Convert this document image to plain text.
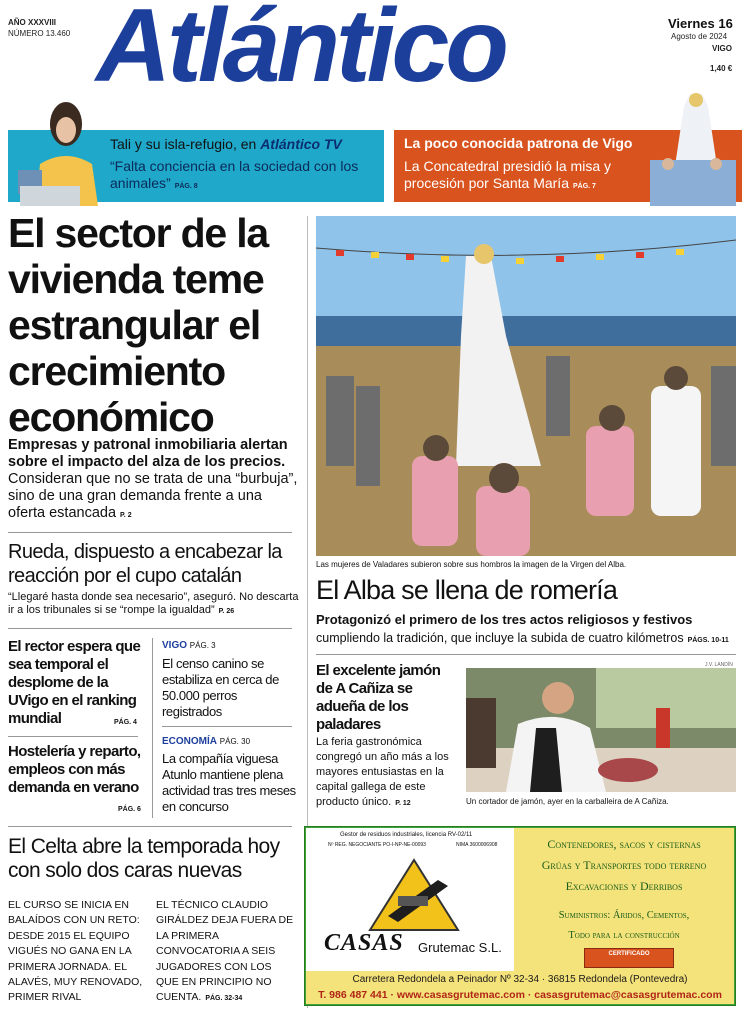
AÑO XXXVIII
NÚMERO 13.460 Atlántico	Viernes 16
Agosto de 2024
VIGO
1,40 €
Tali y su isla-refugio, en Atlántico TV
“Falta conciencia en la sociedad con los animales” PÁG. 8
La poco conocida patrona de Vigo
La Concatedral presidió la misa y procesión por Santa María PÁG. 7
El sector de la vivienda teme estrangular el crecimiento económico
Empresas y patronal inmobiliaria alertan sobre el impacto del alza de los precios. Consideran que no se trata de una “burbuja”, sino de una gran demanda frente a una oferta estancada P. 2
Rueda, dispuesto a encabezar la reacción por el cupo catalán
“Llegaré hasta donde sea necesario”, aseguró. No descarta ir a los tribunales si se “rompe la igualdad” P. 26
El rector espera que sea temporal el desplome de la UVigo en el ranking mundial	PÁG. 4
Hostelería y reparto, empleos con más demanda en verano
PÁG. 6
VIGO PÁG. 3
El censo canino se estabiliza en cerca de 50.000 perros registrados
ECONOMÍA PÁG. 30
La compañía viguesa Atunlo mantiene plena actividad tras tres meses en concurso
El Celta abre la temporada hoy con solo dos caras nuevas
EL CURSO SE INICIA EN BALAÍDOS CON UN RETO: DESDE 2015 EL EQUIPO VIGUÉS NO GANA EN LA PRIMERA JORNADA. EL ALAVÉS, MUY RENOVADO, PRIMER RIVAL
EL TÉCNICO CLAUDIO GIRÁLDEZ DEJA FUERA DE LA PRIMERA CONVOCATORIA A SEIS JUGADORES CON LOS QUE EN PRINCIPIO NO CUENTA. PÁG. 32-34
Las mujeres de Valadares subieron sobre sus hombros la imagen de la Virgen del Alba.
El Alba se llena de romería
Protagonizó el primero de los tres actos religiosos y festivos
cumpliendo la tradición, que incluye la subida de cuatro kilómetros PÁGS. 10-11
El excelente jamón de A Cañiza se adueña de los paladares
La feria gastronómica congregó un año más a los mayores entusiastas en la capital gallega de este producto único. P. 12
J.V. LANDÍN
Un cortador de jamón, ayer en la carballeira de A Cañiza.
Gestor de residuos industriales, licencia RV-02/11
Nº REG. NEGOCIANTE PO-I-NP-NE-00093	NIMA 3600006908
CASAS Grutemac S.L.
Contenedores, sacos y cisternas
Grúas y Transportes todo terreno
Excavaciones y Derribos
Suministros: Áridos, Cementos,
Todo para la construcción
CERTIFICADO
Carretera Redondela a Peinador Nº 32-34 · 36815 Redondela (Pontevedra)
T. 986 487 441 · www.casasgrutemac.com · casasgrutemac@casasgrutemac.com
